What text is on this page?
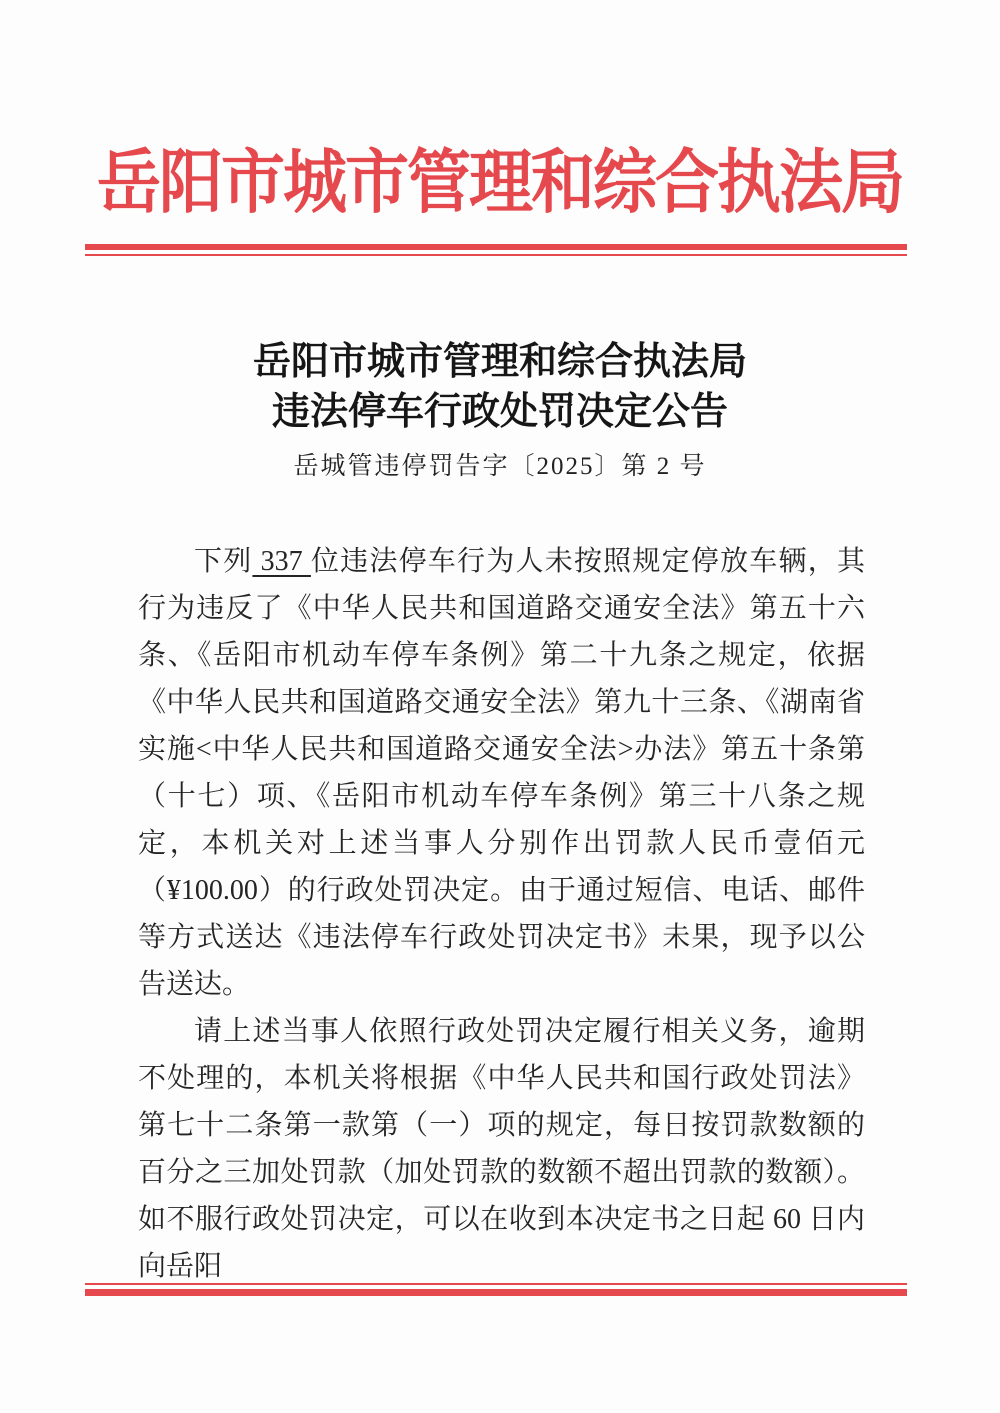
岳阳市城市管理和综合执法局
岳阳市城市管理和综合执法局
违法停车行政处罚决定公告
岳城管违停罚告字〔2025〕第 2 号

下列 337 位违法停车行为人未按照规定停放车辆，其行为违反了《中华人民共和国道路交通安全法》第五十六条、《岳阳市机动车停车条例》第二十九条之规定，依据《中华人民共和国道路交通安全法》第九十三条、《湖南省实施<中华人民共和国道路交通安全法>办法》第五十条第（十七）项、《岳阳市机动车停车条例》第三十八条之规定，本机关对上述当事人分别作出罚款人民币壹佰元（¥100.00）的行政处罚决定。由于通过短信、电话、邮件等方式送达《违法停车行政处罚决定书》未果，现予以公告送达。

请上述当事人依照行政处罚决定履行相关义务，逾期不处理的，本机关将根据《中华人民共和国行政处罚法》第七十二条第一款第（一）项的规定，每日按罚款数额的百分之三加处罚款（加处罚款的数额不超出罚款的数额）。如不服行政处罚决定，可以在收到本决定书之日起 60 日内向岳阳
